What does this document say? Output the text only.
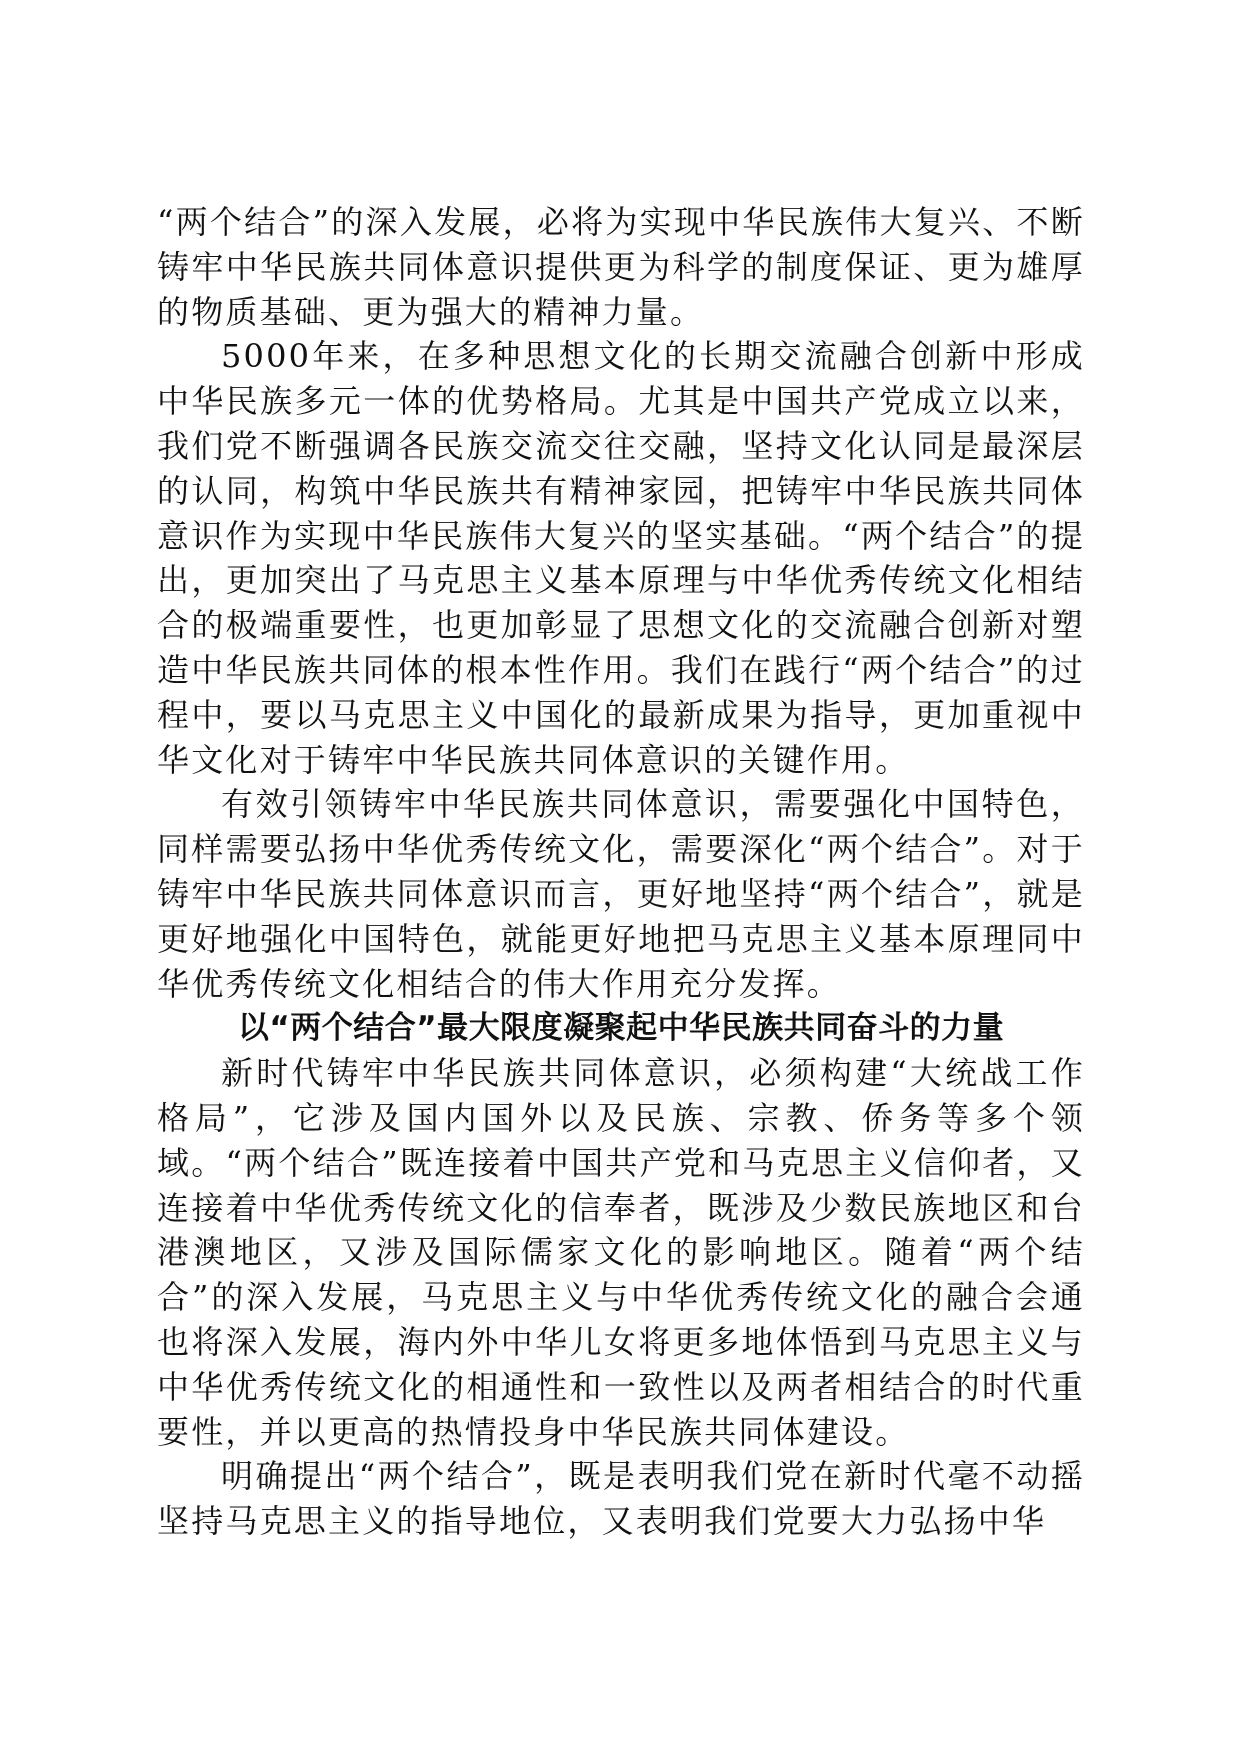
“两个结合”的深入发展，必将为实现中华民族伟大复兴、不断铸牢中华民族共同体意识提供更为科学的制度保证、更为雄厚的物质基础、更为强大的精神力量。

5000年来，在多种思想文化的长期交流融合创新中形成中华民族多元一体的优势格局。尤其是中国共产党成立以来，我们党不断强调各民族交流交往交融，坚持文化认同是最深层的认同，构筑中华民族共有精神家园，把铸牢中华民族共同体意识作为实现中华民族伟大复兴的坚实基础。“两个结合”的提出，更加突出了马克思主义基本原理与中华优秀传统文化相结合的极端重要性，也更加彰显了思想文化的交流融合创新对塑造中华民族共同体的根本性作用。我们在践行“两个结合”的过程中，要以马克思主义中国化的最新成果为指导，更加重视中华文化对于铸牢中华民族共同体意识的关键作用。

有效引领铸牢中华民族共同体意识，需要强化中国特色，同样需要弘扬中华优秀传统文化，需要深化“两个结合”。对于铸牢中华民族共同体意识而言，更好地坚持“两个结合”，就是更好地强化中国特色，就能更好地把马克思主义基本原理同中华优秀传统文化相结合的伟大作用充分发挥。

以“两个结合”最大限度凝聚起中华民族共同奋斗的力量

新时代铸牢中华民族共同体意识，必须构建“大统战工作格局”，它涉及国内国外以及民族、宗教、侨务等多个领域。“两个结合”既连接着中国共产党和马克思主义信仰者，又连接着中华优秀传统文化的信奉者，既涉及少数民族地区和台港澳地区，又涉及国际儒家文化的影响地区。随着“两个结合”的深入发展，马克思主义与中华优秀传统文化的融合会通也将深入发展，海内外中华儿女将更多地体悟到马克思主义与中华优秀传统文化的相通性和一致性以及两者相结合的时代重要性，并以更高的热情投身中华民族共同体建设。

明确提出“两个结合”，既是表明我们党在新时代毫不动摇坚持马克思主义的指导地位，又表明我们党要大力弘扬中华
